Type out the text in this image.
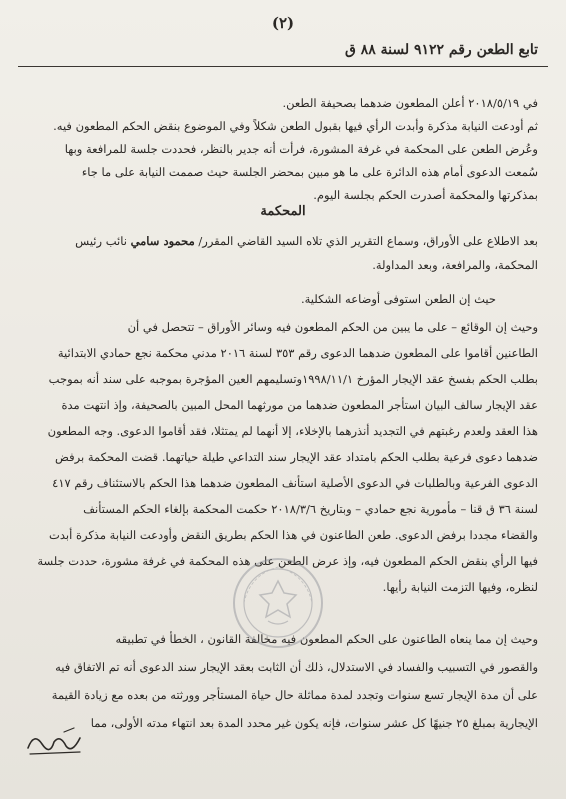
(٢)
تابع الطعن رقم ٩١٢٢ لسنة ٨٨ ق
في ٢٠١٨/٥/١٩ أعلن المطعون ضدهما بصحيفة الطعن.
ثم أودعت النيابة مذكرة وأبدت الرأي فيها بقبول الطعن شكلاً وفي الموضوع بنقض الحكم المطعون فيه.
وعُرض الطعن على المحكمة في غرفة المشورة، فرأت أنه جدير بالنظر، فحددت جلسة للمرافعة وبها
سُمعت الدعوى أمام هذه الدائرة على ما هو مبين بمحضر الجلسة حيث صممت النيابة على ما جاء
بمذكرتها والمحكمة أصدرت الحكم بجلسة اليوم.
المحكمة
بعد الاطلاع على الأوراق، وسماع التقرير الذي تلاه السيد القاضي المقرر/ محمود سامي نائب رئيس
المحكمة، والمرافعة، وبعد المداولة.
حيث إن الطعن استوفى أوضاعه الشكلية.
وحيث إن الوقائع – على ما يبين من الحكم المطعون فيه وسائر الأوراق – تتحصل في أن
الطاعنين أقاموا على المطعون ضدهما الدعوى رقم ٣٥٣ لسنة ٢٠١٦ مدني محكمة نجع حمادي الابتدائية
بطلب الحكم بفسخ عقد الإيجار المؤرخ ١٩٩٨/١١/١وتسليمهم العين المؤجرة بموجبه على سند أنه بموجب
عقد الإيجار سالف البيان استأجر المطعون ضدهما من مورثهما المحل المبين بالصحيفة، وإذ انتهت مدة
هذا العقد ولعدم رغبتهم في التجديد أنذرهما بالإخلاء، إلا أنهما لم يمتثلا، فقد أقاموا الدعوى. وجه المطعون
ضدهما دعوى فرعية بطلب الحكم بامتداد عقد الإيجار سند التداعي طيلة حياتهما. قضت المحكمة برفض
الدعوى الفرعية وبالطلبات في الدعوى الأصلية استأنف المطعون ضدهما هذا الحكم بالاستئناف رقم ٤١٧
لسنة ٣٦ ق قنا – مأمورية نجع حمادي – وبتاريخ ٢٠١٨/٣/٦ حكمت المحكمة بإلغاء الحكم المستأنف
والقضاء مجددا برفض الدعوى. طعن الطاعنون في هذا الحكم بطريق النقض وأودعت النيابة مذكرة أبدت
فيها الرأي بنقض الحكم المطعون فيه، وإذ عرض الطعن على هذه المحكمة في غرفة مشورة، حددت جلسة
لنظره، وفيها التزمت النيابة رأيها.
وحيث إن مما ينعاه الطاعنون على الحكم المطعون فيه مخالفة القانون ، الخطأ في تطبيقه
والقصور في التسبيب والفساد في الاستدلال، ذلك أن الثابت بعقد الإيجار سند الدعوى أنه تم الاتفاق فيه
على أن مدة الإيجار تسع سنوات وتجدد لمدة مماثلة حال حياة المستأجر وورثته من بعده مع زيادة القيمة
الإيجارية بمبلغ ٢٥ جنيهًا كل عشر سنوات، فإنه يكون غير محدد المدة بعد انتهاء مدته الأولى، مما
